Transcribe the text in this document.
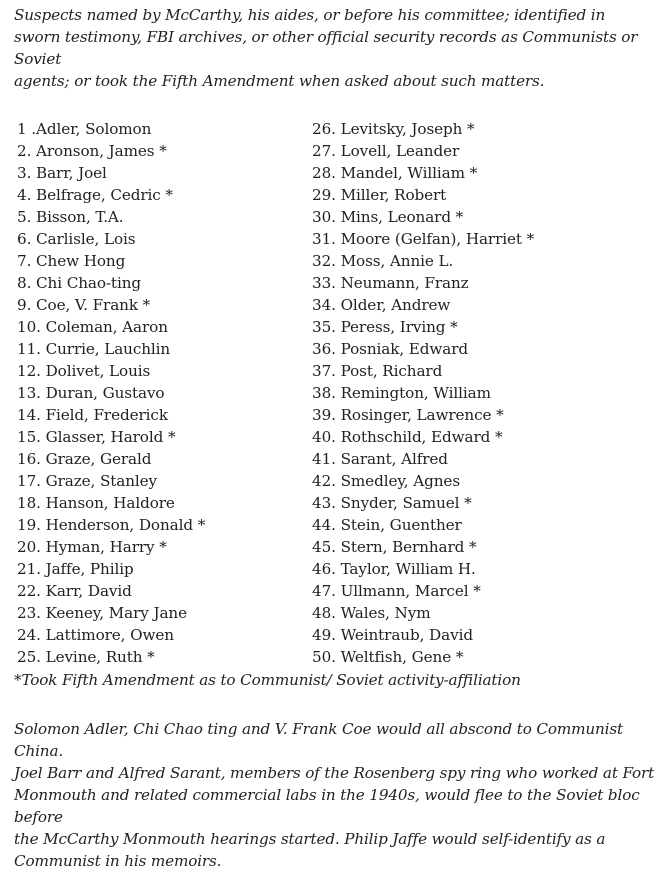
Suspects named by McCarthy, his aides, or before his committee; identified in
sworn testimony, FBI archives, or other official security records as Communists or Soviet
agents; or took the Fifth Amendment when asked about such matters.

1 .Adler, Solomon
2. Aronson, James *
3. Barr, Joel
4. Belfrage, Cedric *
5. Bisson, T.A.
6. Carlisle, Lois
7. Chew Hong
8. Chi Chao-ting
9. Coe, V. Frank *
10. Coleman, Aaron
11. Currie, Lauchlin
12. Dolivet, Louis
13. Duran, Gustavo
14. Field, Frederick
15. Glasser, Harold *
16. Graze, Gerald
17. Graze, Stanley
18. Hanson, Haldore
19. Henderson, Donald *
20. Hyman, Harry *
21. Jaffe, Philip
22. Karr, David
23. Keeney, Mary Jane
24. Lattimore, Owen
25. Levine, Ruth *
26. Levitsky, Joseph *
27. Lovell, Leander
28. Mandel, William *
29. Miller, Robert
30. Mins, Leonard *
31. Moore (Gelfan), Harriet *
32. Moss, Annie L.
33. Neumann, Franz
34. Older, Andrew
35. Peress, Irving *
36. Posniak, Edward
37. Post, Richard
38. Remington, William
39. Rosinger, Lawrence *
40. Rothschild, Edward *
41. Sarant, Alfred
42. Smedley, Agnes
43. Snyder, Samuel *
44. Stein, Guenther
45. Stern, Bernhard *
46. Taylor, William H.
47. Ullmann, Marcel *
48. Wales, Nym
49. Weintraub, David
50. Weltfish, Gene *

*Took Fifth Amendment as to Communist/ Soviet activity-affiliation

Solomon Adler, Chi Chao ting and V. Frank Coe would all abscond to Communist China.
Joel Barr and Alfred Sarant, members of the Rosenberg spy ring who worked at Fort
Monmouth and related commercial labs in the 1940s, would flee to the Soviet bloc before
the McCarthy Monmouth hearings started. Philip Jaffe would self-identify as a
Communist in his memoirs.
